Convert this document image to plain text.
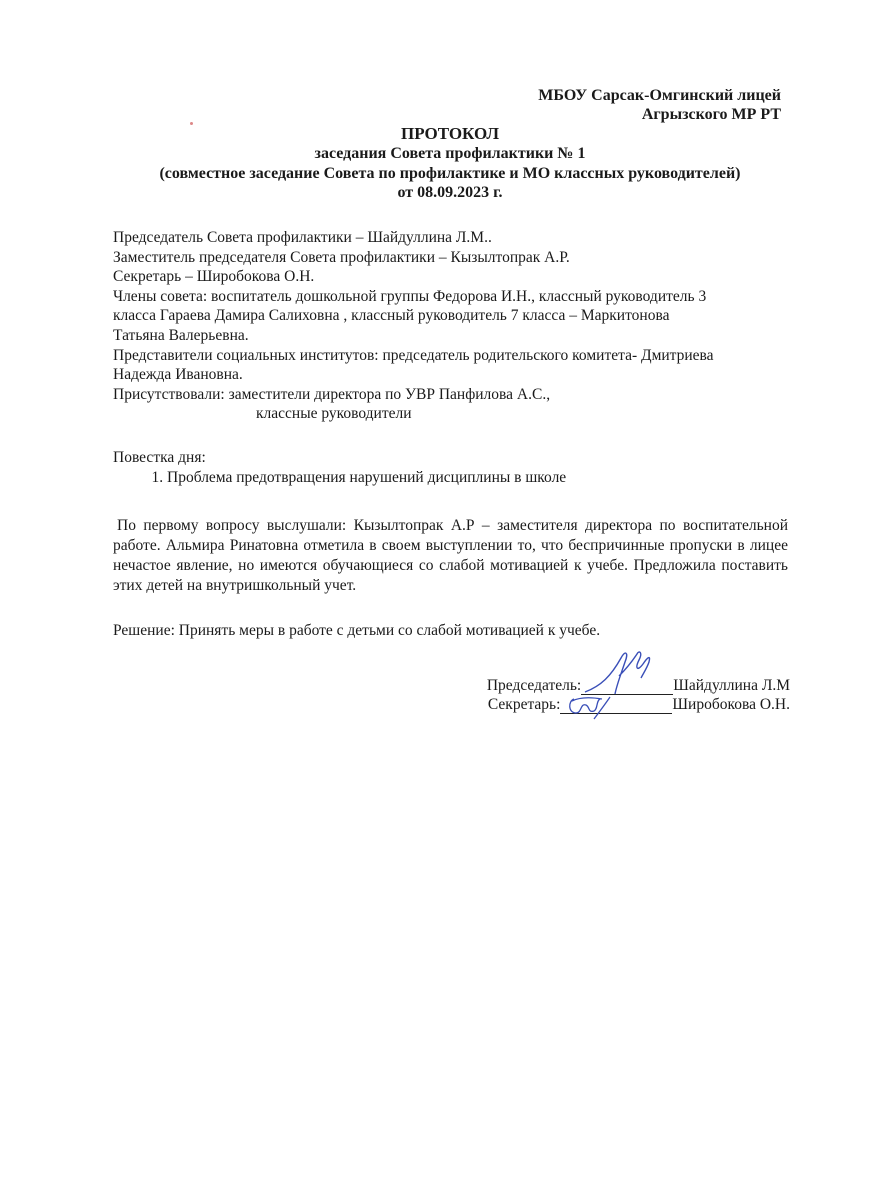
МБОУ Сарсак-Омгинский лицей
Агрызского МР РТ
ПРОТОКОЛ
заседания Совета профилактики № 1
(совместное заседание Совета по профилактике и МО классных руководителей)
от 08.09.2023 г.
Председатель Совета профилактики – Шайдуллина Л.М..
Заместитель председателя Совета профилактики – Кызылтопрак А.Р.
Секретарь – Широбокова О.Н.
Члены совета: воспитатель дошкольной группы Федорова И.Н., классный руководитель 3
класса Гараева Дамира Салиховна , классный руководитель 7 класса – Маркитонова
Татьяна Валерьевна.
Представители социальных институтов: председатель родительского комитета- Дмитриева
Надежда Ивановна.
Присутствовали: заместители директора по УВР Панфилова А.С.,
классные руководители
Повестка дня:
1. Проблема предотвращения нарушений дисциплины в школе
По первому вопросу выслушали: Кызылтопрак А.Р – заместителя директора по воспитательной работе. Альмира Ринатовна отметила в своем выступлении то, что беспричинные пропуски в лицее нечастое явление, но имеются обучающиеся со слабой мотивацией к учебе. Предложила поставить этих детей на внутришкольный учет.
Решение: Принять меры в работе с детьми со слабой мотивацией к учебе.
Председатель:	Шайдуллина Л.М
Секретарь:	Широбокова О.Н.
